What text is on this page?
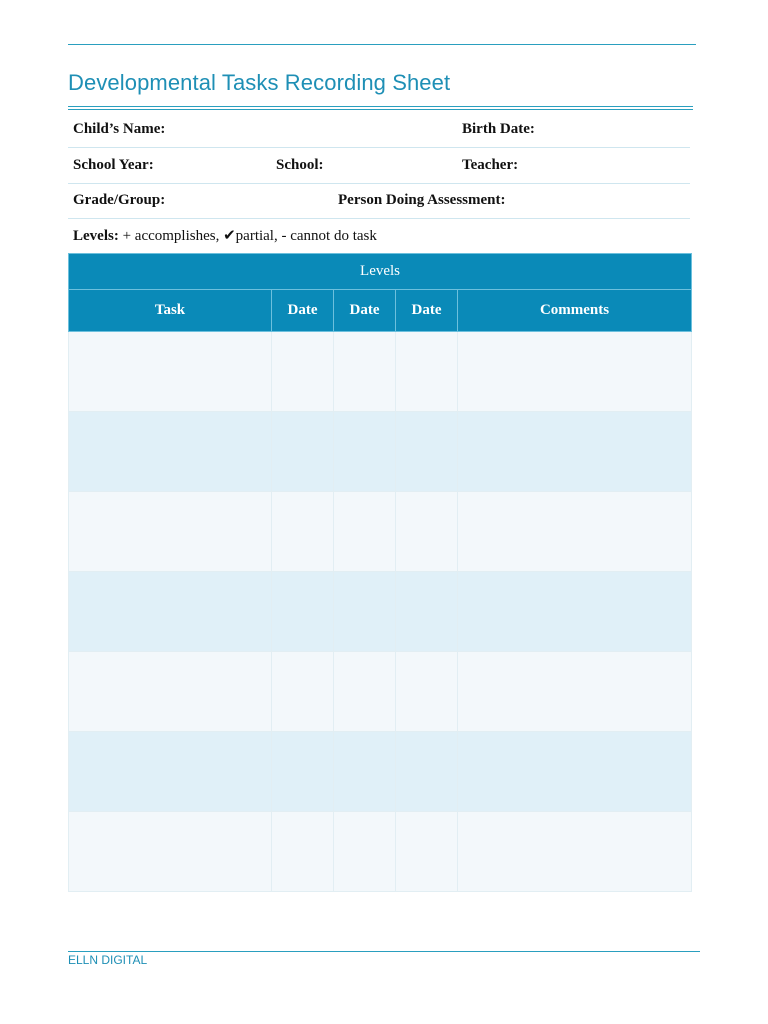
Developmental Tasks Recording Sheet
Child’s Name:	Birth Date:
School Year:	School:	Teacher:
Grade/Group:	Person Doing Assessment:
Levels: + accomplishes, ✔partial, - cannot do task
Levels				
Task	Date	Date	Date	Comments

ELLN DIGITAL
